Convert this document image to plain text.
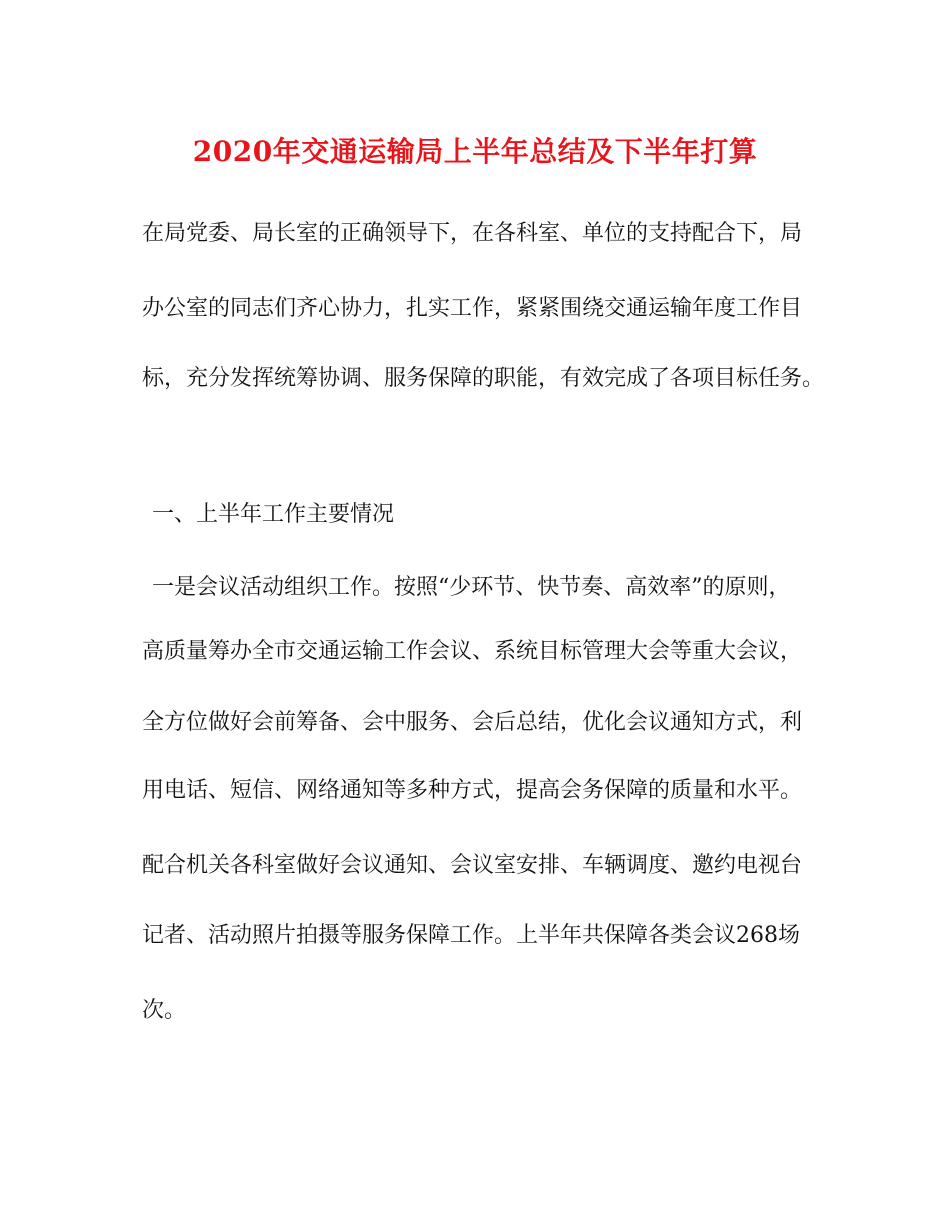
2020年交通运输局上半年总结及下半年打算
在局党委、局长室的正确领导下，在各科室、单位的支持配合下，局
办公室的同志们齐心协力，扎实工作，紧紧围绕交通运输年度工作目
标，充分发挥统筹协调、服务保障的职能，有效完成了各项目标任务。
一、上半年工作主要情况
一是会议活动组织工作。按照“少环节、快节奏、高效率”的原则，
高质量筹办全市交通运输工作会议、系统目标管理大会等重大会议，
全方位做好会前筹备、会中服务、会后总结，优化会议通知方式，利
用电话、短信、网络通知等多种方式，提高会务保障的质量和水平。
配合机关各科室做好会议通知、会议室安排、车辆调度、邀约电视台
记者、活动照片拍摄等服务保障工作。上半年共保障各类会议268场
次。
